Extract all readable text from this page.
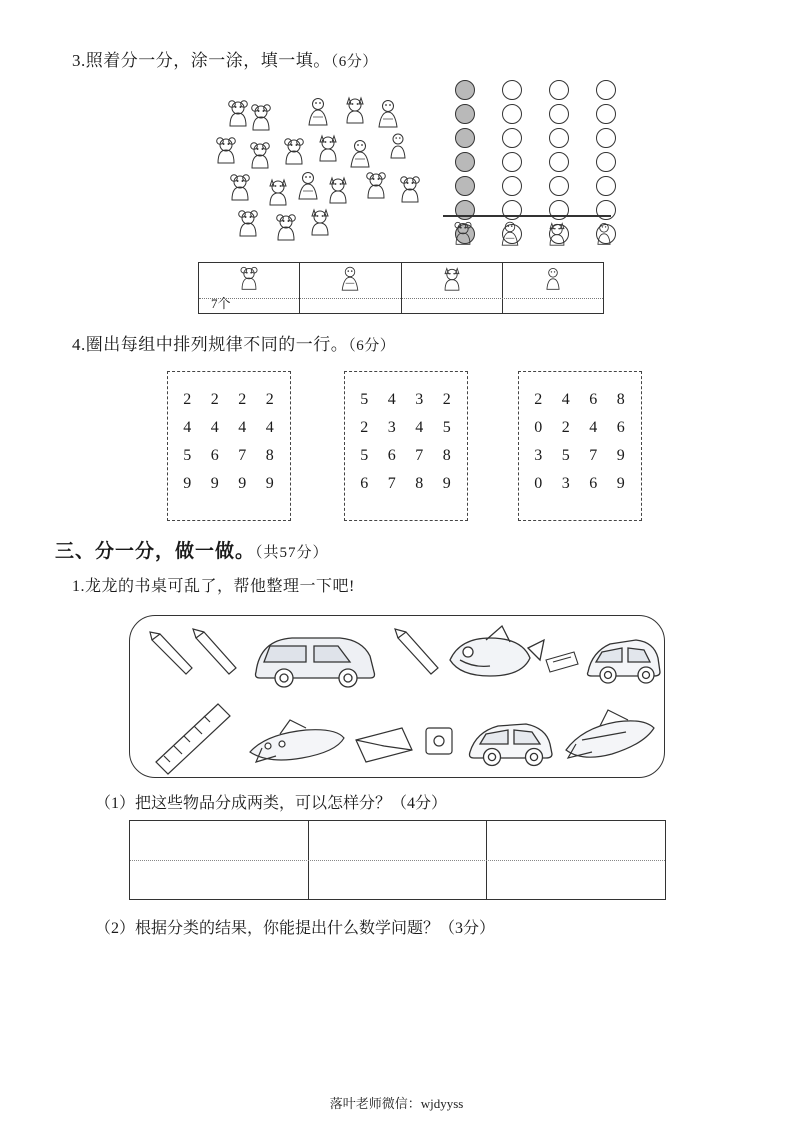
3.照着分一分，涂一涂，填一填。（6分）
7个
4.圈出每组中排列规律不同的一行。（6分）
2 2 2 2
4 4 4 4
5 6 7 8
9 9 9 9
5 4 3 2
2 3 4 5
5 6 7 8
6 7 8 9
2 4 6 8
0 2 4 6
3 5 7 9
0 3 6 9
三、分一分，做一做。（共57分）
1.龙龙的书桌可乱了，帮他整理一下吧!
（1）把这些物品分成两类，可以怎样分？（4分）
（2）根据分类的结果，你能提出什么数学问题？（3分）
落叶老师微信：wjdyyss
